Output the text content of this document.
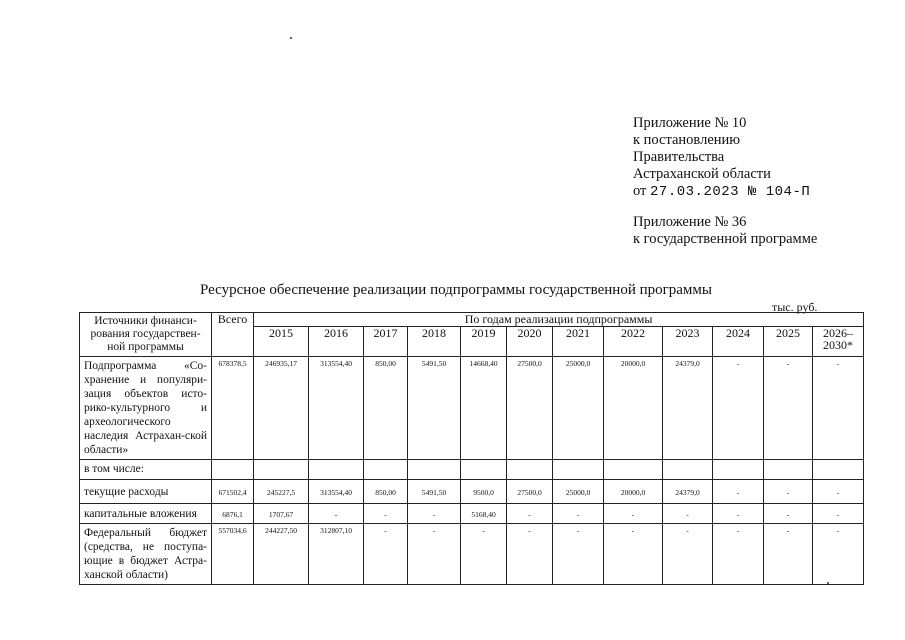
Приложение № 10
к постановлению
Правительства
Астраханской области
от 27.03.2023 № 104-П
Приложение № 36
к государственной программе
Ресурсное обеспечение реализации подпрограммы государственной программы
тыс. руб.
Источники финанси-рования государствен-ной программы	Всего	По годам реализации подпрограммы											
		2015	2016	2017	2018	2019	2020	2021	2022	2023	2024	2025	2026–2030*
Подпрограмма «Со-хранение и популяри-зация объектов исто-рико-культурного и археологического наследия Астрахан-ской области»	678378,5	246935,17	313554,40	850,00	5491,50	14668,40	27500,0	25000,0	20000,0	24379,0	-	-	-
в том числе:													
текущие расходы	671502,4	245227,5	313554,40	850,00	5491,50	9500,0	27500,0	25000,0	20000,0	24379,0	-	-	-
капитальные вложения	6876,1	1707,67	-	-	-	5168,40	-	-	-	-	-	-	-
Федеральный бюджет (средства, не поступа-ющие в бюджет Астра-ханской области)	557034,6	244227,50	312807,10	-	-	-	-	-	-	-	-	-	-
